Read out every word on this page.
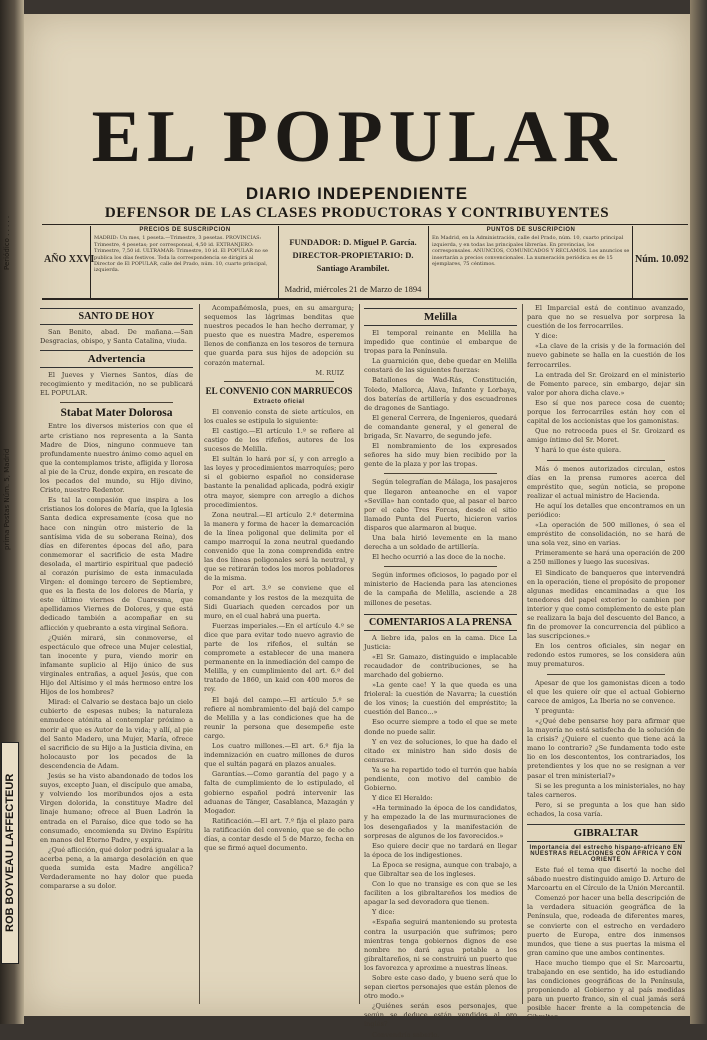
Periódico . . . . .
prima Postas Núm. 5, Madrid
ROB BOYVEAU LAFFECTEUR
EL POPULAR
DIARIO INDEPENDIENTE
DEFENSOR DE LAS CLASES PRODUCTORAS Y CONTRIBUYENTES
AÑO XXVI
PRECIOS DE SUSCRIPCION
MADRID: Un mes, 1 peseta.—Trimestre, 3 pesetas. PROVINCIAS: Trimestre, 4 pesetas; por corresponsal, 4,50 id. EXTRANJERO: Trimestre, 7,50 id. ULTRAMAR: Trimestre, 10 id. El POPULAR no se publica los días festivos. Toda la correspondencia se dirigirá al Director de El POPULAR, calle del Prado, núm. 10, cuarto principal, izquierda.
FUNDADOR: D. Miguel P. García.
DIRECTOR-PROPIETARIO: D. Santiago Arambilet.
Madrid, miércoles 21 de Marzo de 1894
PUNTOS DE SUSCRIPCION
En Madrid, en la Administración, calle del Prado, núm. 10, cuarto principal izquierda, y en todas las principales librerías. En provincias, los corresponsales. ANUNCIOS, COMUNICADOS Y RECLAMOS. Los anuncios se insertarán a precios convencionales. La numeración periódica es de 15 ejemplares, 75 céntimos.	Núm. 10.092
SANTO DE HOY
San Benito, abad. De mañana.—San Desgracias, obispo, y Santa Catalina, viuda.
Advertencia
El Jueves y Viernes Santos, días de recogimiento y meditación, no se publicará EL POPULAR.
Stabat Mater Dolorosa
Entre los diversos misterios con que el arte cristiano nos representa a la Santa Madre de Dios, ninguno conmueve tan profundamente nuestro ánimo como aquel en que la contemplamos triste, afligida y llorosa al pie de la Cruz, donde expira, en rescate de los pecados del mundo, su Hijo divino, Cristo, nuestro Redentor.
Es tal la compasión que inspira a los cristianos los dolores de María, que la Iglesia Santa dedica expresamente (cosa que no hace con ningún otro misterio de la santísima vida de su soberana Reina), dos días en diferentes épocas del año, para conmemorar el sacrificio de esta Madre desolada, el martirio espiritual que padeció al corazón purísimo de esta inmaculada Virgen: el domingo tercero de Septiembre, que es la fiesta de los dolores de María, y este último viernes de Cuaresma, que apellidamos Viernes de Dolores, y que está dedicado también a acompañar en su aflicción y quebranto a esta virginal Señora.
¿Quién mirará, sin conmoverse, el espectáculo que ofrece una Mujer celestial, tan inocente y pura, viendo morir en infamante suplicio al Hijo único de sus virginales entrañas, a aquel Jesús, que con Hijo del Altísimo y el más hermoso entre los Hijos de los hombres?
Mirad: el Calvario se destaca bajo un cielo cubierto de espesas nubes; la naturaleza enmudece atónita al contemplar próximo a morir al que es Autor de la vida; y allí, al pie del Santo Madero, una Mujer, María, ofrece el sacrificio de su Hijo a la Justicia divina, en holocausto por los pecados de la descendencia de Adam.
Jesús se ha visto abandonado de todos los suyos, excepto Juan, el discípulo que amaba, y volviendo los moribundos ojos a esta Virgen dolorida, la constituye Madre del linaje humano; ofrece al Buen Ladrón la entrada en el Paraíso, dice que todo se ha consumado, encomienda su Divino Espíritu en manos del Eterno Padre, y expira.
¿Qué aflicción, qué dolor podrá igualar a la acerba pena, a la amarga desolación en que queda sumida esta Madre angélica? Verdaderamente no hay dolor que pueda compararse a su dolor.
Acompañémosla, pues, en su amargura; sequemos las lágrimas benditas que nuestros pecados le han hecho derramar, y puesto que es nuestra Madre, esperemos llenos de confianza en los tesoros de ternura que guarda para sus hijos de adopción su corazón maternal.
M. RUIZ
EL CONVENIO CON MARRUECOS
Extracto oficial
El convenio consta de siete artículos, en los cuales se estipula lo siguiente:
El castigo.—El artículo 1.º se refiere al castigo de los rifeños, autores de los sucesos de Melilla.
El sultán lo hará por sí, y con arreglo a las leyes y procedimientos marroquíes; pero si el gobierno español no considerase bastante la penalidad aplicada, podrá exigir otra mayor, siempre con arreglo a dichos procedimientos.
Zona neutral.—El artículo 2.º determina la manera y forma de hacer la demarcación de la línea poligonal que delimita por el campo marroquí la zona neutral quedando convenido que la zona comprendida entre las dos líneas poligonales será la neutral, y que se retirarán todos los moros pobladores de la misma.
Por el art. 3.º se conviene que el comandante y los restos de la mezquita de Sidi Guariach queden cercados por un muro, en el cual habrá una puerta.
Fuerzas imperiales.—En el artículo 4.º se dice que para evitar todo nuevo agravio de parte de los rifeños, el sultán se compromete a establecer de una manera permanente en la inmediación del campo de Melilla, y en cumplimiento del art. 6.º del tratado de 1860, un kaid con 400 moros de rey.
El bajá del campo.—El artículo 5.º se refiere al nombramiento del bajá del campo de Melilla y a las condiciones que ha de reunir la persona que desempeñe este cargo.
Los cuatro millones.—El art. 6.º fija la indemnización en cuatro millones de duros que el sultán pagará en plazos anuales.
Garantías.—Como garantía del pago y a falta de cumplimiento de lo estipulado, el gobierno español podrá intervenir las aduanas de Tánger, Casablanca, Mazagán y Mogador.
Ratificación.—El art. 7.º fija el plazo para la ratificación del convenio, que se de ocho días, a contar desde el 5 de Marzo, fecha en que se firmó aquel documento.
Melilla
El temporal reinante en Melilla ha impedido que continúe el embarque de tropas para la Península.
La guarnición que, debe quedar en Melilla constará de las siguientes fuerzas:
Batallones de Wad-Rás, Constitución, Toledo, Mallorca, Álava, Infante y Lorbaya, dos baterías de artillería y dos escuadrones de dragones de Santiago.
El general Cerrera, de Ingenieros, quedará de comandante general, y el general de brigada, Sr. Navarro, de segundo jefe.
El nombramiento de los expresados señores ha sido muy bien recibido por la gente de la plaza y por las tropas.
Según telegrafían de Málaga, los pasajeros que llegaron anteanoche en el vapor «Sevilla» han contado que, al pasar el barco por el cabo Tres Forcas, desde el sitio llamado Punta del Puerto, hicieron varios disparos que alarmaron al buque.
Una bala hirió levemente en la mano derecha a un soldado de artillería.
El hecho ocurrió a las doce de la noche.
Según informes oficiosos, lo pagado por el ministerio de Hacienda para las atenciones de la campaña de Melilla, asciende a 28 millones de pesetas.
COMENTARIOS A LA PRENSA
A liebre ida, palos en la cama. Dice La Justicia:
«El Sr. Gamazo, distinguido e implacable recaudador de contribuciones, se ha marchado del gobierno.
»La gente cae! Y la que queda es una frioleral: la cuestión de Navarra; la cuestión de los vinos; la cuestión del empréstito; la cuestión del Banco...»
Eso ocurre siempre a todo el que se mete donde no puede salir.
Y en vez de soluciones, lo que ha dado el citado ex ministro han sido dosis de censuras.
Ya se ha repartido todo el turrón que había pendiente, con motivo del cambio de Gobierno.
Y dice El Heraldo:
«Ha terminado la época de los candidatos, y ha empezado la de las murmuraciones de los desengañados y la manifestación de sorpresas de algunos de los favorecidos.»
Eso quiere decir que no tardará en llegar la época de los indigestiones.
La Época se resigna, aunque con trabajo, a que Gibraltar sea de los ingleses.
Con lo que no transige es con que se les faciliten a los gibraltareños los medios de apagar la sed devoradora que tienen.
Y dice:
«España seguirá manteniendo su protesta contra la usurpación que sufrimos; pero mientras tenga gobiernos dignos de ese nombre no dará agua potable a los gibraltareños, ni se construirá un puerto que los favorezca y aproxime a nuestras líneas.
Sobre este caso dado, y bueno será que lo sepan ciertos personajes que están plenos de otro modo.»
¿Quiénes serán esos personajes, que según se deduce están vendidos al oro inglés?
Convendría saberlo.
El Imparcial está de continuo avanzado, para que no se resuelva por sorpresa la cuestión de los ferrocarriles.
Y dice:
«La clave de la crisis y de la formación del nuevo gabinete se halla en la cuestión de los ferrocarriles.
La entrada del Sr. Groizard en el ministerio de Fomento parece, sin embargo, dejar sin valor por ahora dicha clave.»
Eso sí que nos parece cosa de cuento; porque los ferrocarriles están hoy con el capital de los accionistas que los gamonistas.
Que no retroceda pues el Sr. Groizard es amigo íntimo del Sr. Moret.
Y hará lo que éste quiera.
Más ó menos autorizados circulan, estos días en la prensa rumores acerca del empréstito que, según noticia, se propone realizar el actual ministro de Hacienda.
He aquí los detalles que encontramos en un periódico:
«La operación de 500 millones, ó sea el empréstito de consolidación, no se hará de una sola vez, sino en varias.
Primeramente se hará una operación de 200 a 250 millones y luego las sucesivas.
El Sindicato de banqueros que intervendrá en la operación, tiene el propósito de proponer algunas medidas encaminadas a que los tenedores del papel exterior lo cambien por interior y que como complemento de este plan se realizara la baja del descuento del Banco, a fin de promover la concurrencia del público a las suscripciones.»
En los centros oficiales, sin negar en redondo estos rumores, se los considera aún muy prematuros.
Apesar de que los gamonistas dicen a todo el que les quiere oír que el actual Gobierno carece de amigos, La Iberia no se convence.
Y pregunta:
«¿Qué debe pensarse hoy para afirmar que la mayoría no está satisfecha de la solución de la crisis? ¿Quiere el cuento que tiene acá la mano lo contrario? ¿Se fundamenta todo este lio en los descontentos, los contrariados, los pretendientes y los que no se resignan a ver pasar el tren ministerial?»
Si se les pregunta a los ministeriales, no hay tales carneros.
Pero, si se pregunta a los que han sido echados, la cosa varía.
GIBRALTAR
Importancia del estrecho hispano-africano EN NUESTRAS RELACIONES CON ÁFRICA Y CON ORIENTE
Este fué el tema que disertó la noche del sábado nuestro distinguido amigo D. Arturo de Marcoartu en el Círculo de la Unión Mercantil.
Comenzó por hacer una bella descripción de la verdadera situación geográfica de la Península, que, rodeada de diferentes mares, se convierte con el estrecho en verdadero puerto de Europa, entre dos inmensos mundos, que tiene a sus puertas la misma el gran camino que une ambos continentes.
Hace mucho tiempo que el Sr. Marcoartu, trabajando en ese sentido, ha ido estudiando las condiciones geográficas de la Península, proponiendo al Gobierno y al país medidas para un puerto franco, sin el cual jamás será posible hacer frente a la competencia de Gibraltar.
